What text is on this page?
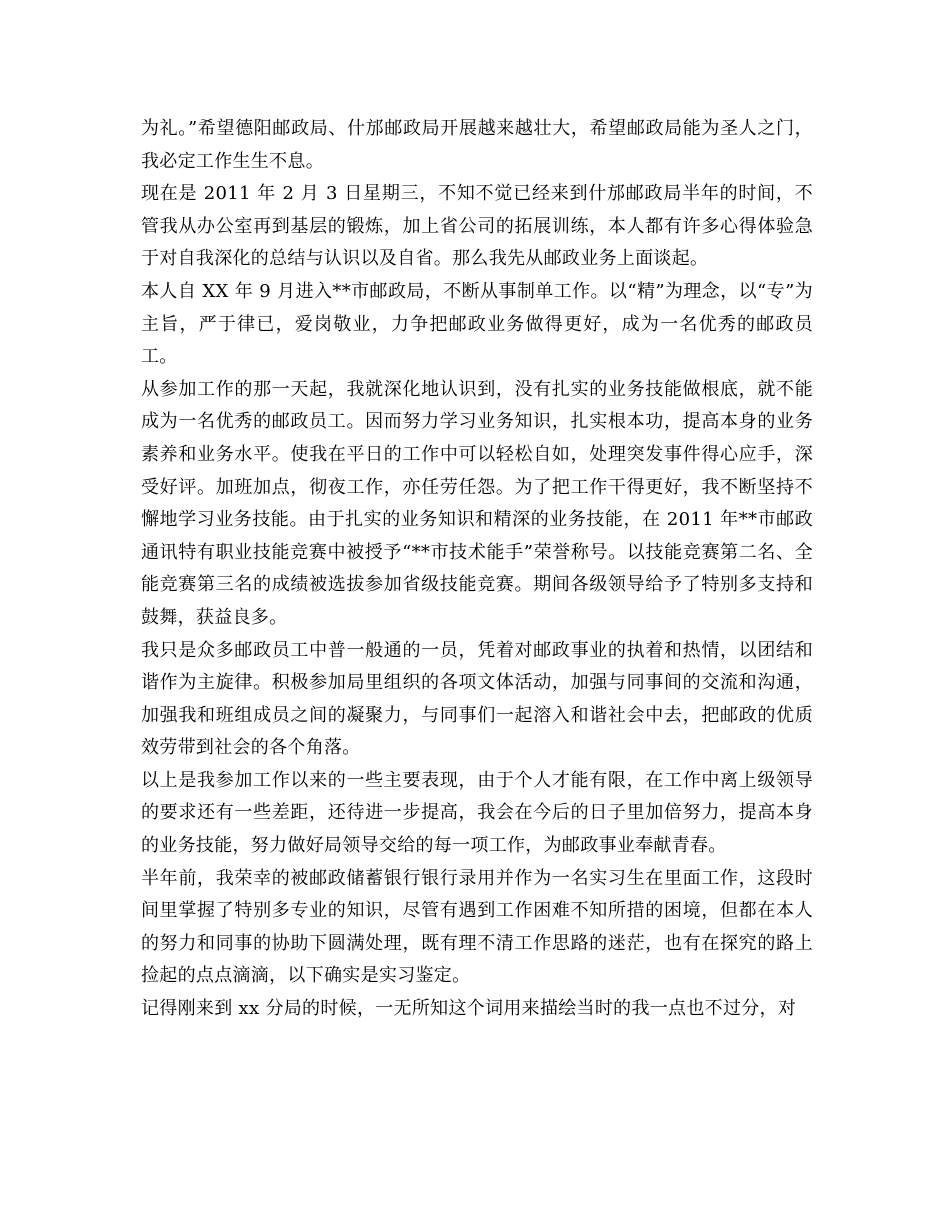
为礼。”希望德阳邮政局、什邡邮政局开展越来越壮大，希望邮政局能为圣人之门，我必定工作生生不息。

现在是 2011 年 2 月 3 日星期三，不知不觉已经来到什邡邮政局半年的时间，不管我从办公室再到基层的锻炼，加上省公司的拓展训练，本人都有许多心得体验急于对自我深化的总结与认识以及自省。那么我先从邮政业务上面谈起。

本人自 XX 年 9 月进入**市邮政局，不断从事制单工作。以“精”为理念，以“专”为主旨，严于律已，爱岗敬业，力争把邮政业务做得更好，成为一名优秀的邮政员工。

从参加工作的那一天起，我就深化地认识到，没有扎实的业务技能做根底，就不能成为一名优秀的邮政员工。因而努力学习业务知识，扎实根本功，提高本身的业务素养和业务水平。使我在平日的工作中可以轻松自如，处理突发事件得心应手，深受好评。加班加点，彻夜工作，亦任劳任怨。为了把工作干得更好，我不断坚持不懈地学习业务技能。由于扎实的业务知识和精深的业务技能，在 2011 年**市邮政通讯特有职业技能竞赛中被授予“**市技术能手”荣誉称号。以技能竞赛第二名、全能竞赛第三名的成绩被选拔参加省级技能竞赛。期间各级领导给予了特别多支持和鼓舞，获益良多。

我只是众多邮政员工中普一般通的一员，凭着对邮政事业的执着和热情，以团结和谐作为主旋律。积极参加局里组织的各项文体活动，加强与同事间的交流和沟通，加强我和班组成员之间的凝聚力，与同事们一起溶入和谐社会中去，把邮政的优质效劳带到社会的各个角落。

以上是我参加工作以来的一些主要表现，由于个人才能有限，在工作中离上级领导的要求还有一些差距，还待进一步提高，我会在今后的日子里加倍努力，提高本身的业务技能，努力做好局领导交给的每一项工作，为邮政事业奉献青春。

半年前，我荣幸的被邮政储蓄银行银行录用并作为一名实习生在里面工作，这段时间里掌握了特别多专业的知识，尽管有遇到工作困难不知所措的困境，但都在本人的努力和同事的协助下圆满处理，既有理不清工作思路的迷茫，也有在探究的路上捡起的点点滴滴，以下确实是实习鉴定。

记得刚来到 xx 分局的时候，一无所知这个词用来描绘当时的我一点也不过分，对
